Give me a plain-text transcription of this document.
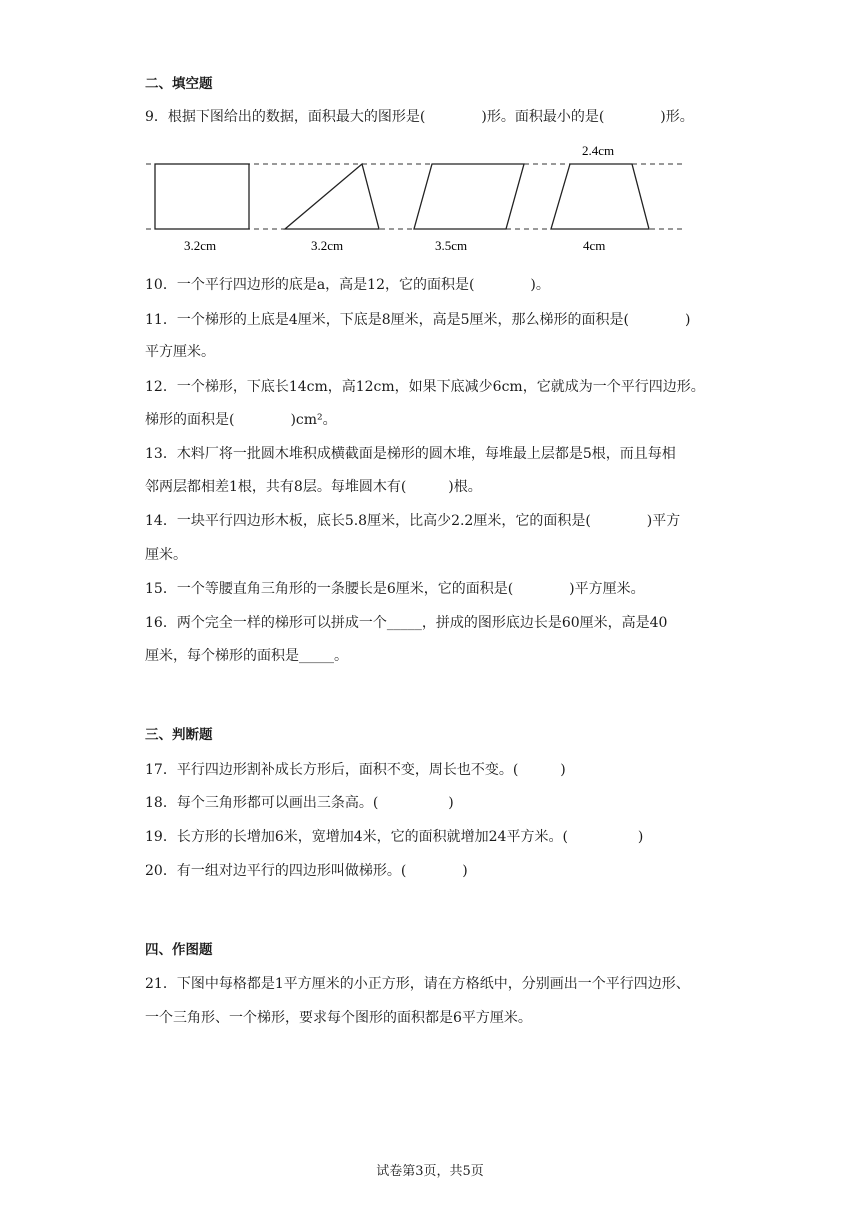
二、填空题
9．根据下图给出的数据，面积最大的图形是(　　　　)形。面积最小的是(　　　　)形。
2.4cm
3.2cm	3.2cm	3.5cm	4cm
10．一个平行四边形的底是a，高是12，它的面积是(　　　　)。
11．一个梯形的上底是4厘米，下底是8厘米，高是5厘米，那么梯形的面积是(　　　　)
平方厘米。
12．一个梯形，下底长14cm，高12cm，如果下底减少6cm，它就成为一个平行四边形。
梯形的面积是(　　　　)cm²。
13．木料厂将一批圆木堆积成横截面是梯形的圆木堆，每堆最上层都是5根，而且每相
邻两层都相差1根，共有8层。每堆圆木有(　　　)根。
14．一块平行四边形木板，底长5.8厘米，比高少2.2厘米，它的面积是(　　　　)平方
厘米。
15．一个等腰直角三角形的一条腰长是6厘米，它的面积是(　　　　)平方厘米。
16．两个完全一样的梯形可以拼成一个_____，拼成的图形底边长是60厘米，高是40
厘米，每个梯形的面积是_____。
三、判断题
17．平行四边形割补成长方形后，面积不变，周长也不变。(　　　)
18．每个三角形都可以画出三条高。(　　　　　)
19．长方形的长增加6米，宽增加4米，它的面积就增加24平方米。(　　　　　)
20．有一组对边平行的四边形叫做梯形。(　　　　)
四、作图题
21．下图中每格都是1平方厘米的小正方形，请在方格纸中，分别画出一个平行四边形、
一个三角形、一个梯形，要求每个图形的面积都是6平方厘米。
试卷第3页，共5页
